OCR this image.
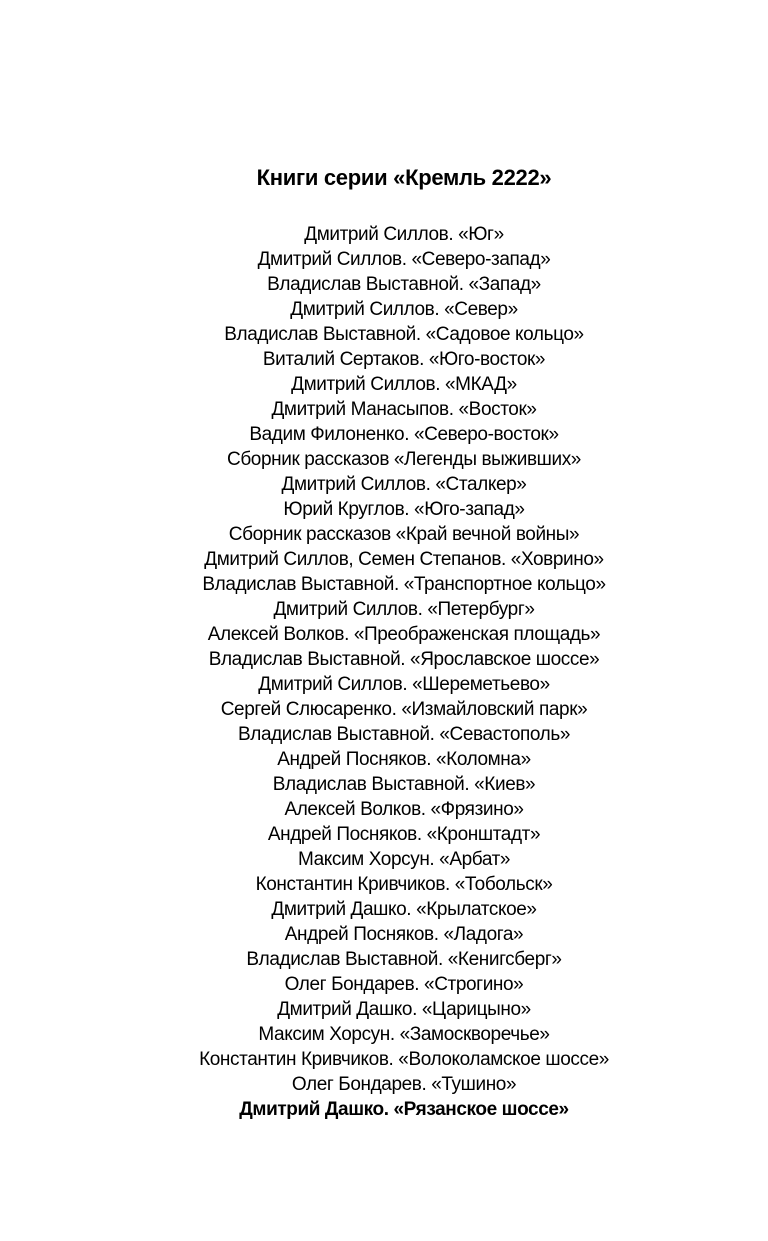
Книги серии «Кремль 2222»
Дмитрий Силлов. «Юг»
Дмитрий Силлов. «Северо-запад»
Владислав Выставной. «Запад»
Дмитрий Силлов. «Север»
Владислав Выставной. «Садовое кольцо»
Виталий Сертаков. «Юго-восток»
Дмитрий Силлов. «МКАД»
Дмитрий Манасыпов. «Восток»
Вадим Филоненко. «Северо-восток»
Сборник рассказов «Легенды выживших»
Дмитрий Силлов. «Сталкер»
Юрий Круглов. «Юго-запад»
Сборник рассказов «Край вечной войны»
Дмитрий Силлов, Семен Степанов. «Ховрино»
Владислав Выставной. «Транспортное кольцо»
Дмитрий Силлов. «Петербург»
Алексей Волков. «Преображенская площадь»
Владислав Выставной. «Ярославское шоссе»
Дмитрий Силлов. «Шереметьево»
Сергей Слюсаренко. «Измайловский парк»
Владислав Выставной. «Севастополь»
Андрей Посняков. «Коломна»
Владислав Выставной. «Киев»
Алексей Волков. «Фрязино»
Андрей Посняков. «Кронштадт»
Максим Хорсун. «Арбат»
Константин Кривчиков. «Тобольск»
Дмитрий Дашко. «Крылатское»
Андрей Посняков. «Ладога»
Владислав Выставной. «Кенигсберг»
Олег Бондарев. «Строгино»
Дмитрий Дашко. «Царицыно»
Максим Хорсун. «Замоскворечье»
Константин Кривчиков. «Волоколамское шоссе»
Олег Бондарев. «Тушино»
Дмитрий Дашко. «Рязанское шоссе»
